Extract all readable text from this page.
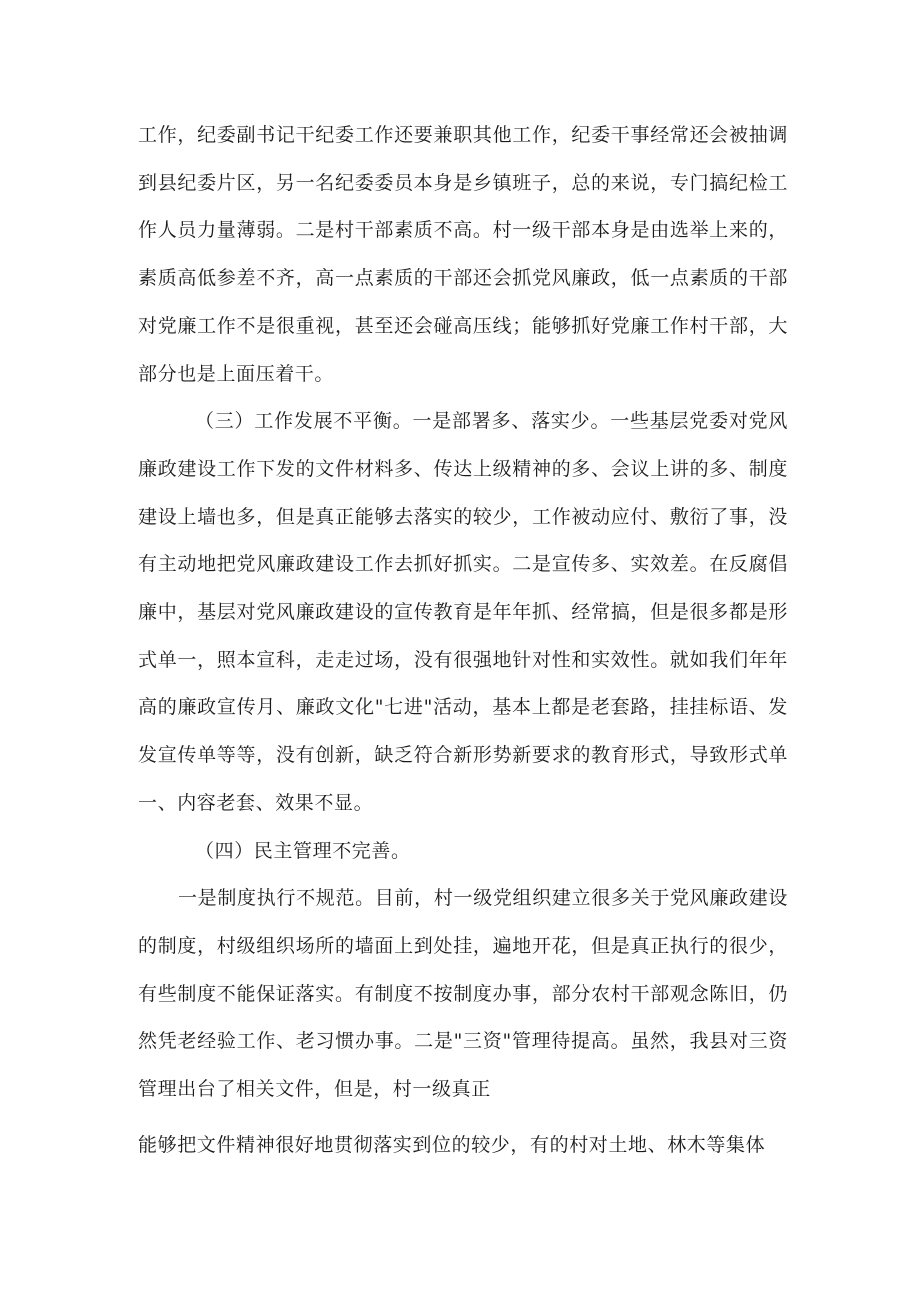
工作，纪委副书记干纪委工作还要兼职其他工作，纪委干事经常还会被抽调到县纪委片区，另一名纪委委员本身是乡镇班子，总的来说，专门搞纪检工作人员力量薄弱。二是村干部素质不高。村一级干部本身是由选举上来的，素质高低参差不齐，高一点素质的干部还会抓党风廉政，低一点素质的干部对党廉工作不是很重视，甚至还会碰高压线；能够抓好党廉工作村干部，大部分也是上面压着干。

（三）工作发展不平衡。一是部署多、落实少。一些基层党委对党风廉政建设工作下发的文件材料多、传达上级精神的多、会议上讲的多、制度建设上墙也多，但是真正能够去落实的较少，工作被动应付、敷衍了事，没有主动地把党风廉政建设工作去抓好抓实。二是宣传多、实效差。在反腐倡廉中，基层对党风廉政建设的宣传教育是年年抓、经常搞，但是很多都是形式单一，照本宣科，走走过场，没有很强地针对性和实效性。就如我们年年高的廉政宣传月、廉政文化"七进"活动，基本上都是老套路，挂挂标语、发发宣传单等等，没有创新，缺乏符合新形势新要求的教育形式，导致形式单一、内容老套、效果不显。

（四）民主管理不完善。

一是制度执行不规范。目前，村一级党组织建立很多关于党风廉政建设的制度，村级组织场所的墙面上到处挂，遍地开花，但是真正执行的很少，有些制度不能保证落实。有制度不按制度办事，部分农村干部观念陈旧，仍然凭老经验工作、老习惯办事。二是"三资"管理待提高。虽然，我县对三资管理出台了相关文件，但是，村一级真正

能够把文件精神很好地贯彻落实到位的较少，有的村对土地、林木等集体
